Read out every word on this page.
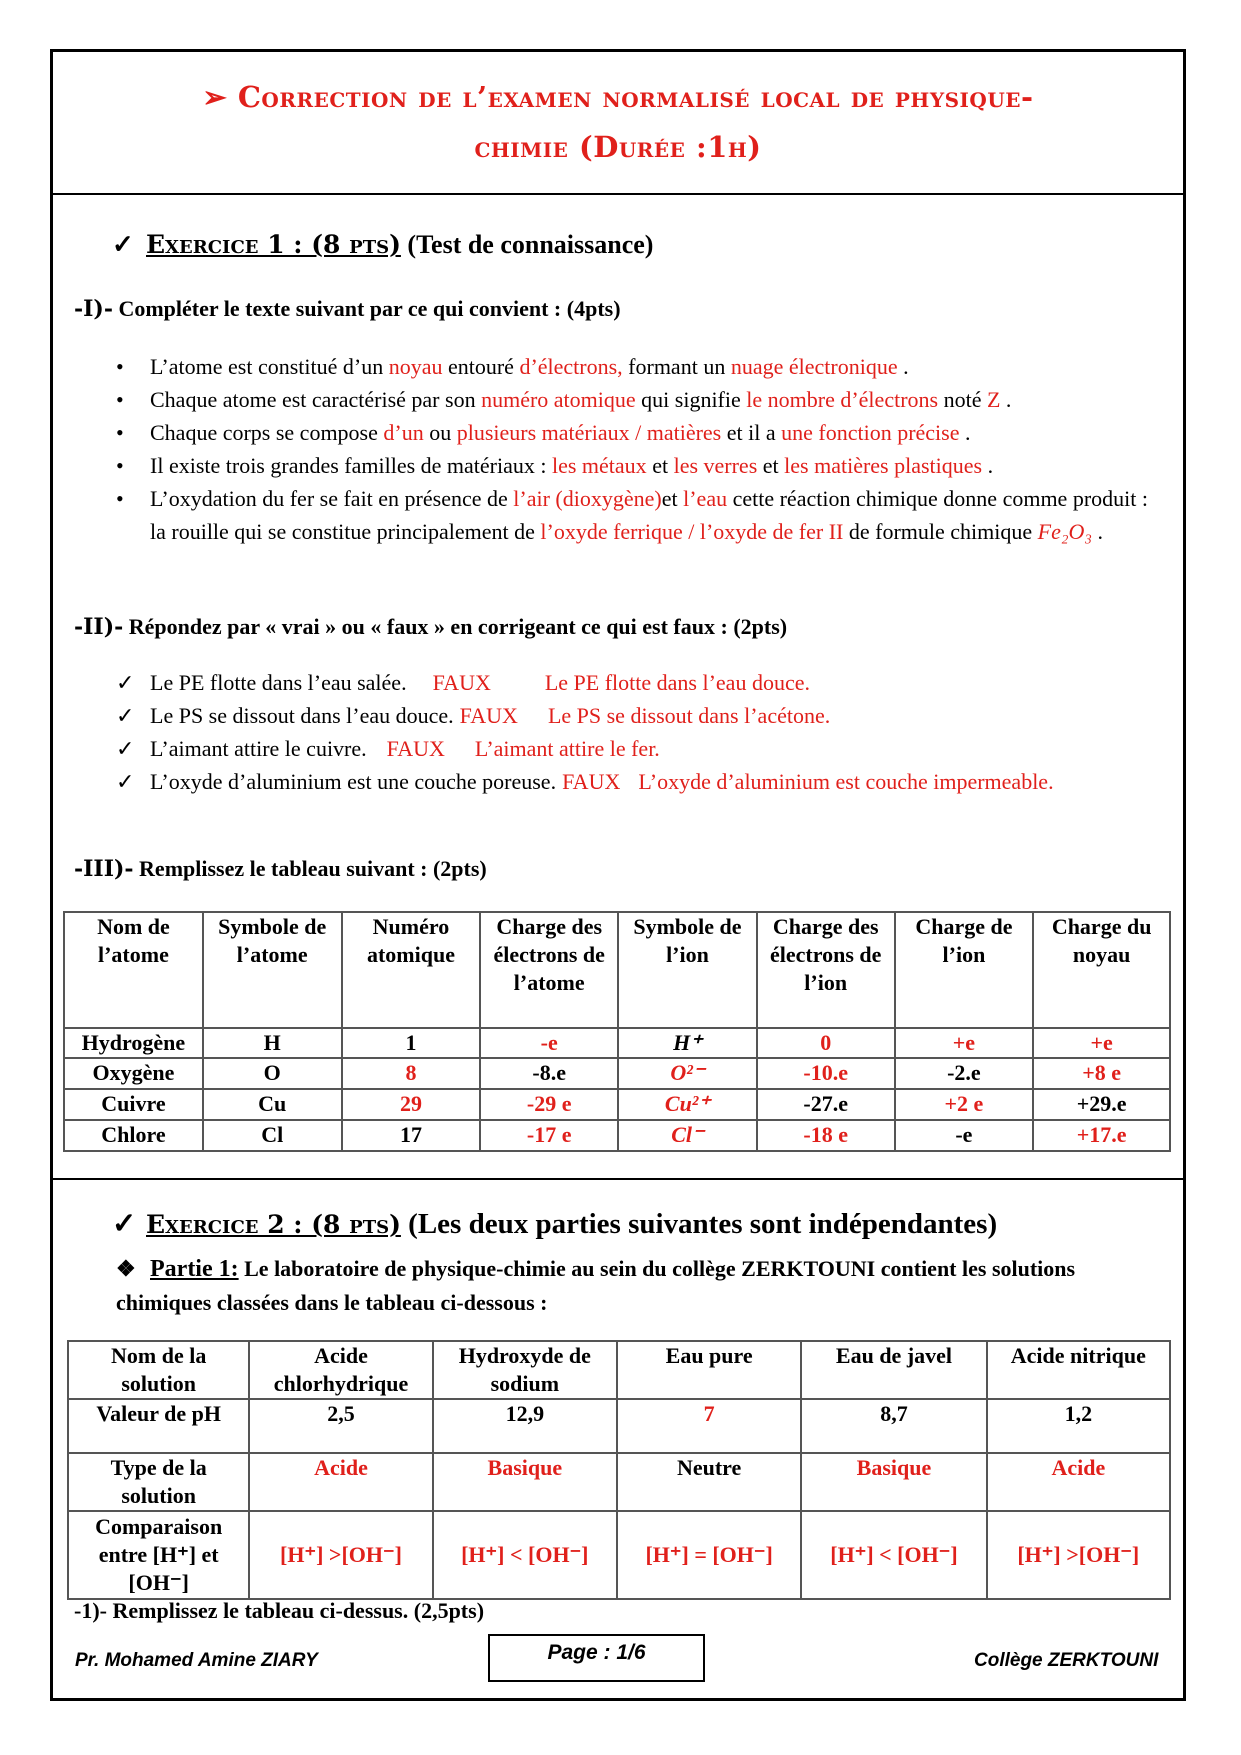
➢ Correction de l’examen normalisé local de physique-
chimie (Durée :1h)
✓ Exercice 1 : (8 pts) (Test de connaissance)
-I)- Compléter le texte suivant par ce qui convient : (4pts)
• L’atome est constitué d’un noyau entouré d’électrons, formant un nuage électronique .
• Chaque atome est caractérisé par son numéro atomique qui signifie le nombre d’électrons noté Z .
• Chaque corps se compose d’un ou plusieurs matériaux / matières et il a une fonction précise .
• Il existe trois grandes familles de matériaux : les métaux et les verres et les matières plastiques .
• L’oxydation du fer se fait en présence de l’air (dioxygène)et l’eau cette réaction chimique donne comme produit : la rouille qui se constitue principalement de l’oxyde ferrique / l’oxyde de fer II de formule chimique Fe₂O₃ .
-II)- Répondez par « vrai » ou « faux » en corrigeant ce qui est faux : (2pts)
✓ Le PE flotte dans l’eau salée. FAUX Le PE flotte dans l’eau douce.
✓ Le PS se dissout dans l’eau douce. FAUX Le PS se dissout dans l’acétone.
✓ L’aimant attire le cuivre. FAUX L’aimant attire le fer.
✓ L’oxyde d’aluminium est une couche poreuse. FAUX L’oxyde d’aluminium est couche impermeable.
-III)- Remplissez le tableau suivant : (2pts)
Nom de l’atome	Symbole de l’atome	Numéro atomique	Charge des électrons de l’atome	Symbole de l’ion	Charge des électrons de l’ion	Charge de l’ion	Charge du noyau
Hydrogène	H	1	-e	H⁺	0	+e	+e
Oxygène	O	8	-8.e	O²⁻	-10.e	-2.e	+8 e
Cuivre	Cu	29	-29 e	Cu²⁺	-27.e	+2 e	+29.e
Chlore	Cl	17	-17 e	Cl⁻	-18 e	-e	+17.e
✓ Exercice 2 : (8 pts) (Les deux parties suivantes sont indépendantes)
❖ Partie 1: Le laboratoire de physique-chimie au sein du collège ZERKTOUNI contient les solutions chimiques classées dans le tableau ci-dessous :
Nom de la solution	Acide chlorhydrique	Hydroxyde de sodium	Eau pure	Eau de javel	Acide nitrique
Valeur de pH	2,5	12,9	7	8,7	1,2
Type de la solution	Acide	Basique	Neutre	Basique	Acide
Comparaison entre [H⁺] et [OH⁻]	[H⁺] >[OH⁻]	[H⁺] < [OH⁻]	[H⁺] = [OH⁻]	[H⁺] < [OH⁻]	[H⁺] >[OH⁻]
-1)- Remplissez le tableau ci-dessus. (2,5pts)
Pr. Mohamed Amine ZIARY	Page : 1/6	Collège ZERKTOUNI
